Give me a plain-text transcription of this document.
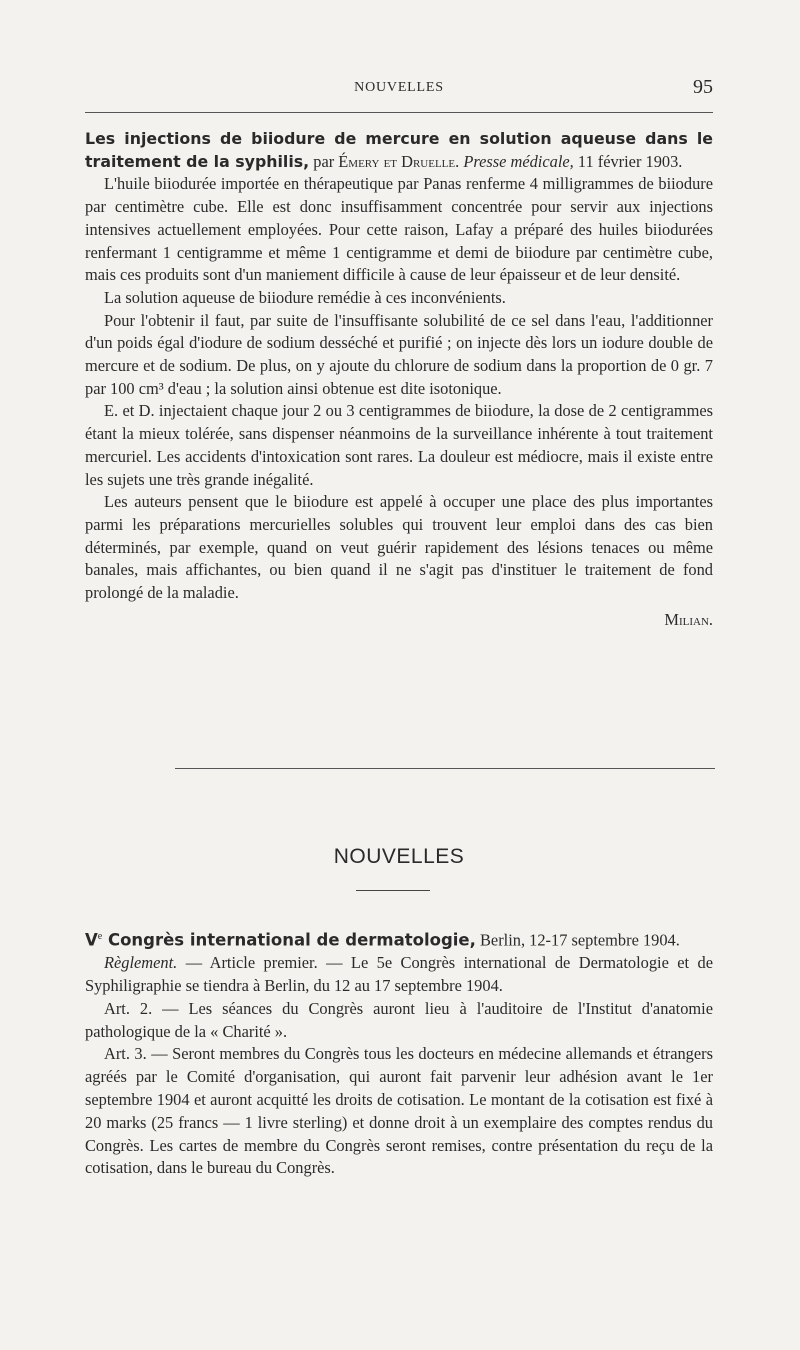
NOUVELLES	95

Les injections de biiodure de mercure en solution aqueuse dans le traitement de la syphilis, par Émery et Druelle. Presse médicale, 11 février 1903.

L'huile biiodurée importée en thérapeutique par Panas renferme 4 milligrammes de biiodure par centimètre cube. Elle est donc insuffisamment concentrée pour servir aux injections intensives actuellement employées. Pour cette raison, Lafay a préparé des huiles biiodurées renfermant 1 centigramme et même 1 centigramme et demi de biiodure par centimètre cube, mais ces produits sont d'un maniement difficile à cause de leur épaisseur et de leur densité.

La solution aqueuse de biiodure remédie à ces inconvénients.

Pour l'obtenir il faut, par suite de l'insuffisante solubilité de ce sel dans l'eau, l'additionner d'un poids égal d'iodure de sodium desséché et purifié ; on injecte dès lors un iodure double de mercure et de sodium. De plus, on y ajoute du chlorure de sodium dans la proportion de 0 gr. 7 par 100 cm³ d'eau ; la solution ainsi obtenue est dite isotonique.

E. et D. injectaient chaque jour 2 ou 3 centigrammes de biiodure, la dose de 2 centigrammes étant la mieux tolérée, sans dispenser néanmoins de la surveillance inhérente à tout traitement mercuriel. Les accidents d'intoxication sont rares. La douleur est médiocre, mais il existe entre les sujets une très grande inégalité.

Les auteurs pensent que le biiodure est appelé à occuper une place des plus importantes parmi les préparations mercurielles solubles qui trouvent leur emploi dans des cas bien déterminés, par exemple, quand on veut guérir rapidement des lésions tenaces ou même banales, mais affichantes, ou bien quand il ne s'agit pas d'instituer le traitement de fond prolongé de la maladie.

Milian.
NOUVELLES

Ve Congrès international de dermatologie, Berlin, 12-17 septembre 1904.

Règlement. — Article premier. — Le 5e Congrès international de Dermatologie et de Syphiligraphie se tiendra à Berlin, du 12 au 17 septembre 1904.

Art. 2. — Les séances du Congrès auront lieu à l'auditoire de l'Institut d'anatomie pathologique de la « Charité ».

Art. 3. — Seront membres du Congrès tous les docteurs en médecine allemands et étrangers agréés par le Comité d'organisation, qui auront fait parvenir leur adhésion avant le 1er septembre 1904 et auront acquitté les droits de cotisation. Le montant de la cotisation est fixé à 20 marks (25 francs — 1 livre sterling) et donne droit à un exemplaire des comptes rendus du Congrès. Les cartes de membre du Congrès seront remises, contre présentation du reçu de la cotisation, dans le bureau du Congrès.
